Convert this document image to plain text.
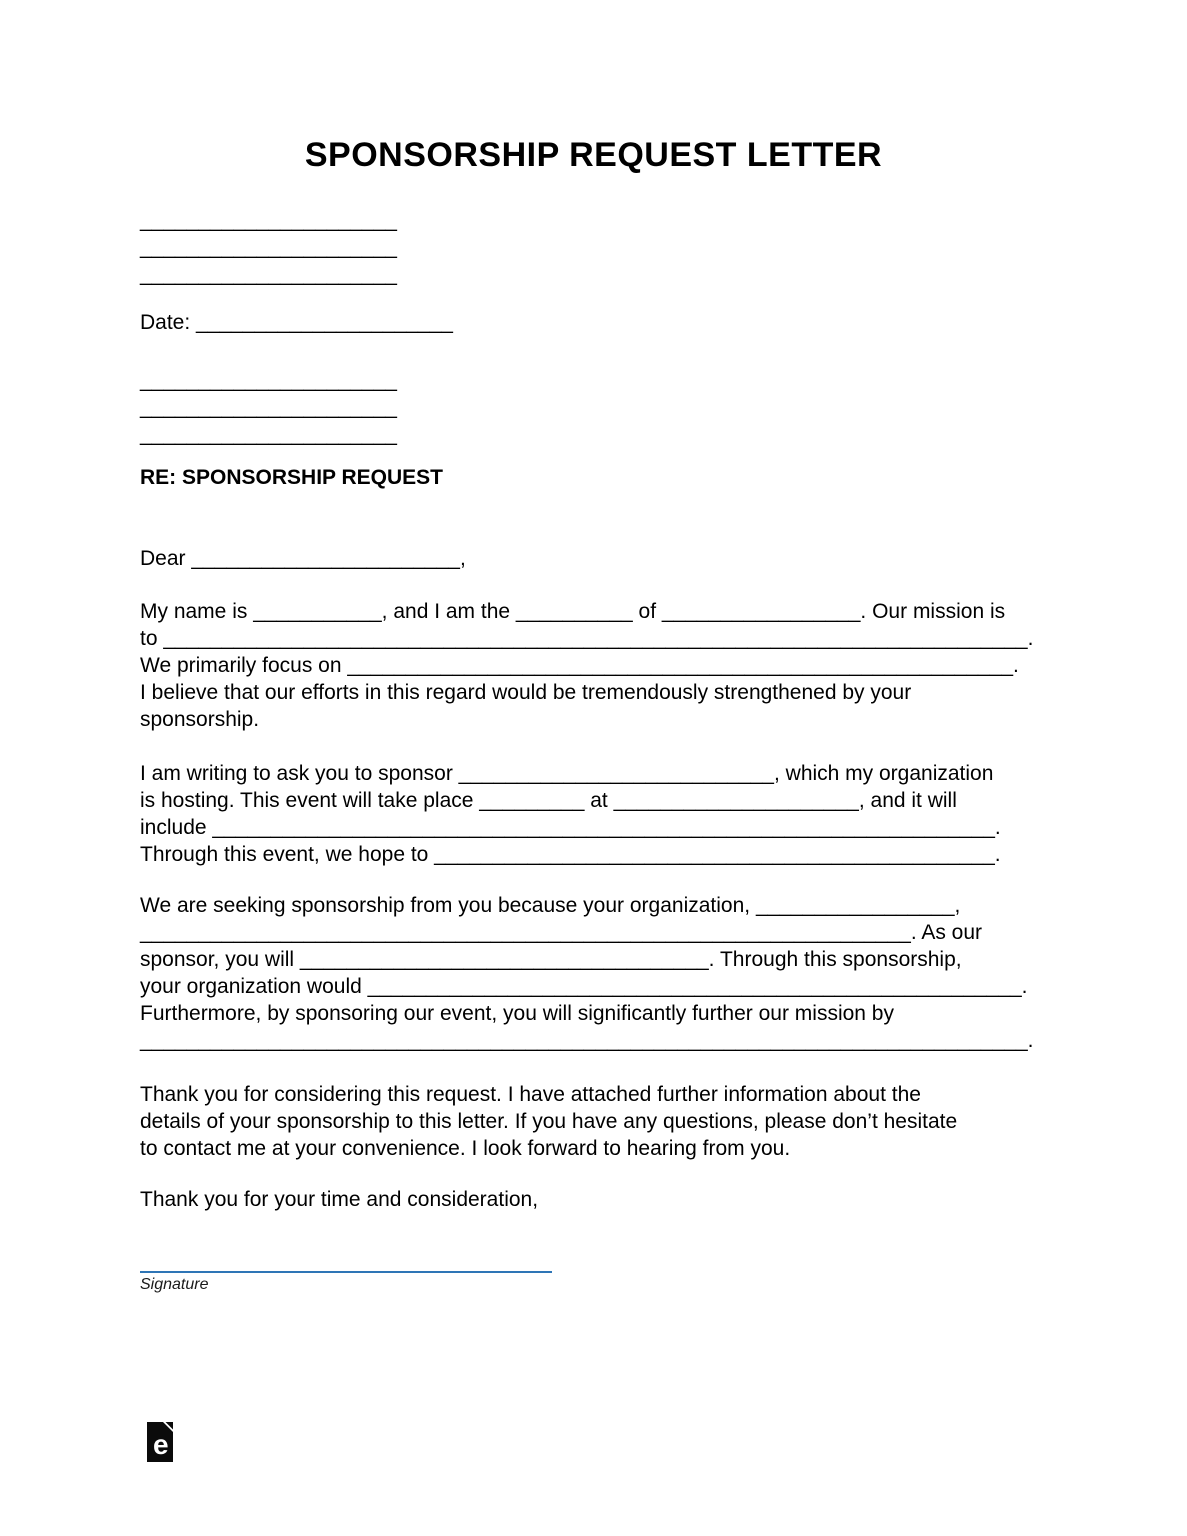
SPONSORSHIP REQUEST LETTER
______________________
______________________
______________________
Date: ______________________
______________________
______________________
______________________
RE: SPONSORSHIP REQUEST
Dear _______________________,
My name is ___________, and I am the __________ of _________________. Our mission is
to __________________________________________________________________________.
We primarily focus on _________________________________________________________.
I believe that our efforts in this regard would be tremendously strengthened by your
sponsorship.
I am writing to ask you to sponsor ___________________________, which my organization
is hosting. This event will take place _________ at _____________________, and it will
include ___________________________________________________________________.
Through this event, we hope to ________________________________________________.
We are seeking sponsorship from you because your organization, _________________,
__________________________________________________________________. As our
sponsor, you will ___________________________________. Through this sponsorship,
your organization would ________________________________________________________.
Furthermore, by sponsoring our event, you will significantly further our mission by
____________________________________________________________________________.
Thank you for considering this request. I have attached further information about the
details of your sponsorship to this letter. If you have any questions, please don’t hesitate
to contact me at your convenience. I look forward to hearing from you.
Thank you for your time and consideration,
Signature
e
